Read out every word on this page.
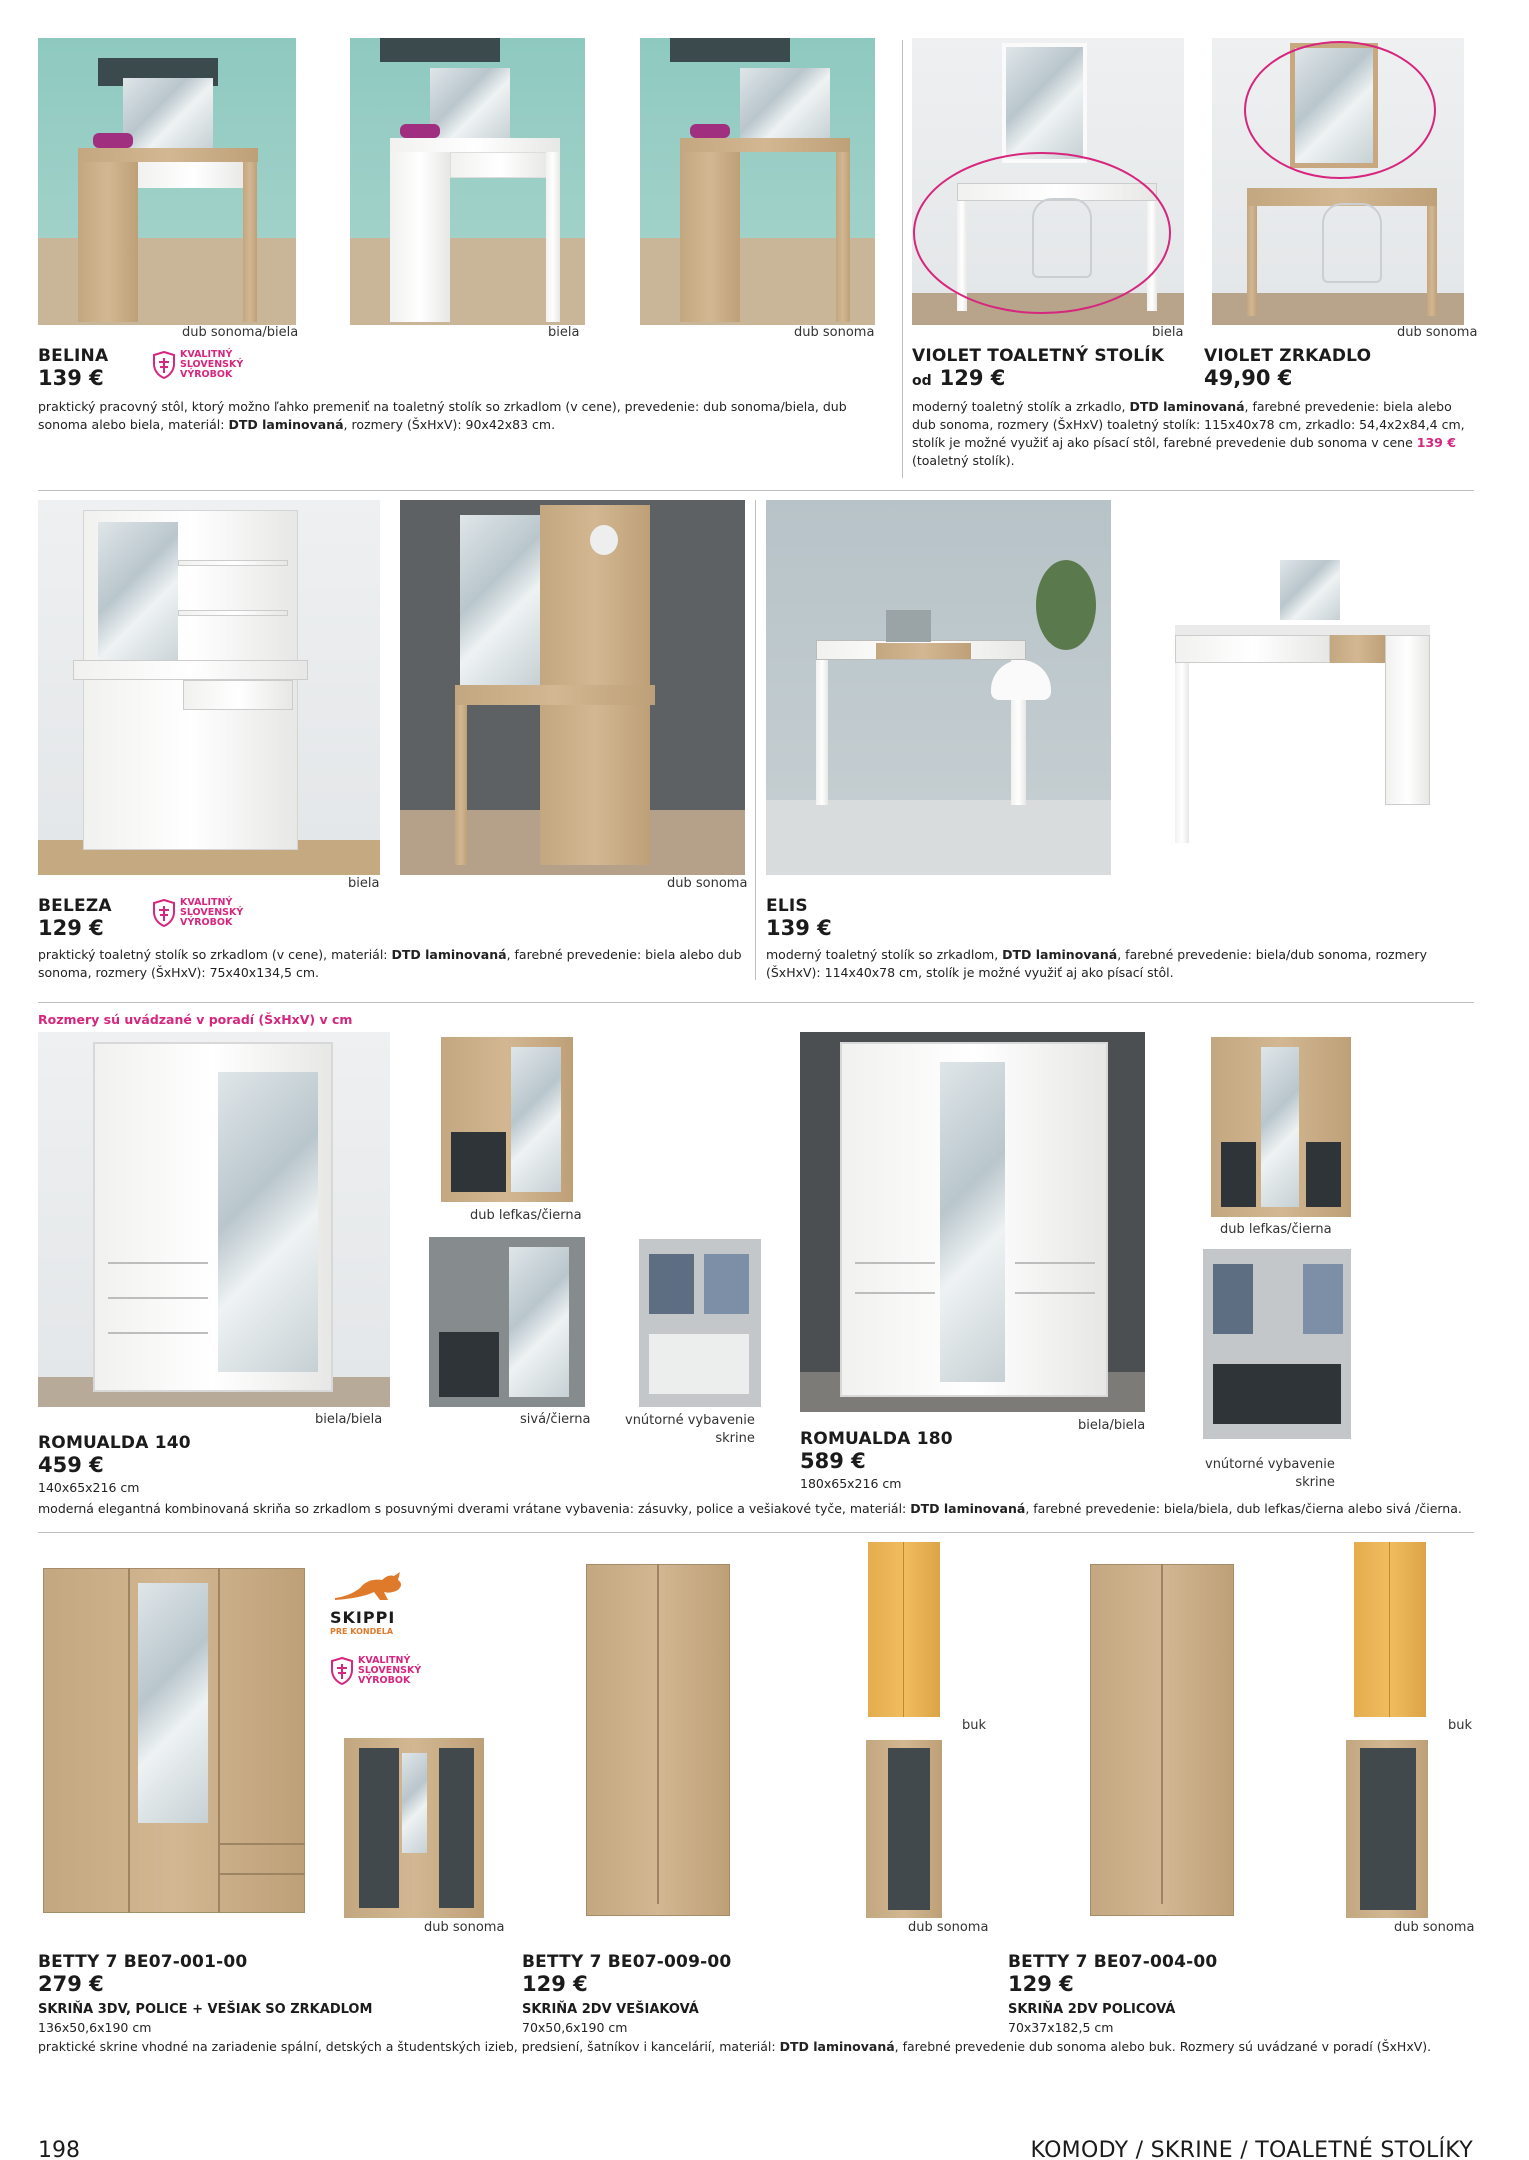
dub sonoma/biela	biela	dub sonoma
BELINA
139 €
KVALITNÝ
SLOVENSKÝ
VÝROBOK
praktický pracovný stôl, ktorý možno ľahko premeniť na toaletný stolík so zrkadlom (v cene), prevedenie: dub sonoma/biela, dub sonoma alebo biela, materiál: DTD laminovaná, rozmery (ŠxHxV): 90x42x83 cm.
biela	dub sonoma
VIOLET TOALETNÝ STOLÍK
od 129 €
VIOLET ZRKADLO
49,90 €
moderný toaletný stolík a zrkadlo, DTD laminovaná, farebné prevedenie: biela alebo dub sonoma, rozmery (ŠxHxV) toaletný stolík: 115x40x78 cm, zrkadlo: 54,4x2x84,4 cm, stolík je možné využiť aj ako písací stôl, farebné prevedenie dub sonoma v cene 139 € (toaletný stolík).
biela	dub sonoma
BELEZA
129 €
KVALITNÝ
SLOVENSKÝ
VÝROBOK
praktický toaletný stolík so zrkadlom (v cene), materiál: DTD laminovaná, farebné prevedenie: biela alebo dub sonoma, rozmery (ŠxHxV): 75x40x134,5 cm.
ELIS
139 €
moderný toaletný stolík so zrkadlom, DTD laminovaná, farebné prevedenie: biela/dub sonoma, rozmery (ŠxHxV): 114x40x78 cm, stolík je možné využiť aj ako písací stôl.
Rozmery sú uvádzané v poradí (ŠxHxV) v cm
dub lefkas/čierna
biela/biela	sivá/čierna	vnútorné vybavenie
skrine
ROMUALDA 140
459 €
140x65x216 cm
biela/biela
dub lefkas/čierna
vnútorné vybavenie
skrine
ROMUALDA 180
589 €
180x65x216 cm
moderná elegantná kombinovaná skriňa so zrkadlom s posuvnými dverami vrátane vybavenia: zásuvky, police a vešiakové tyče, materiál: DTD laminovaná, farebné prevedenie: biela/biela, dub lefkas/čierna alebo sivá /čierna.
SKIPPI
PRE KONDELA
KVALITNÝ
SLOVENSKÝ
VÝROBOK
dub sonoma
buk
dub sonoma
buk
dub sonoma
BETTY 7 BE07-001-00
279 €
SKRIŇA 3DV, POLICE + VEŠIAK SO ZRKADLOM
136x50,6x190 cm
BETTY 7 BE07-009-00
129 €
SKRIŇA 2DV VEŠIAKOVÁ
70x50,6x190 cm
BETTY 7 BE07-004-00
129 €
SKRIŇA 2DV POLICOVÁ
70x37x182,5 cm
praktické skrine vhodné na zariadenie spální, detských a študentských izieb, predsiení, šatníkov i kancelárií, materiál: DTD laminovaná, farebné prevedenie dub sonoma alebo buk. Rozmery sú uvádzané v poradí (ŠxHxV).
198	KOMODY / SKRINE / TOALETNÉ STOLÍKY
